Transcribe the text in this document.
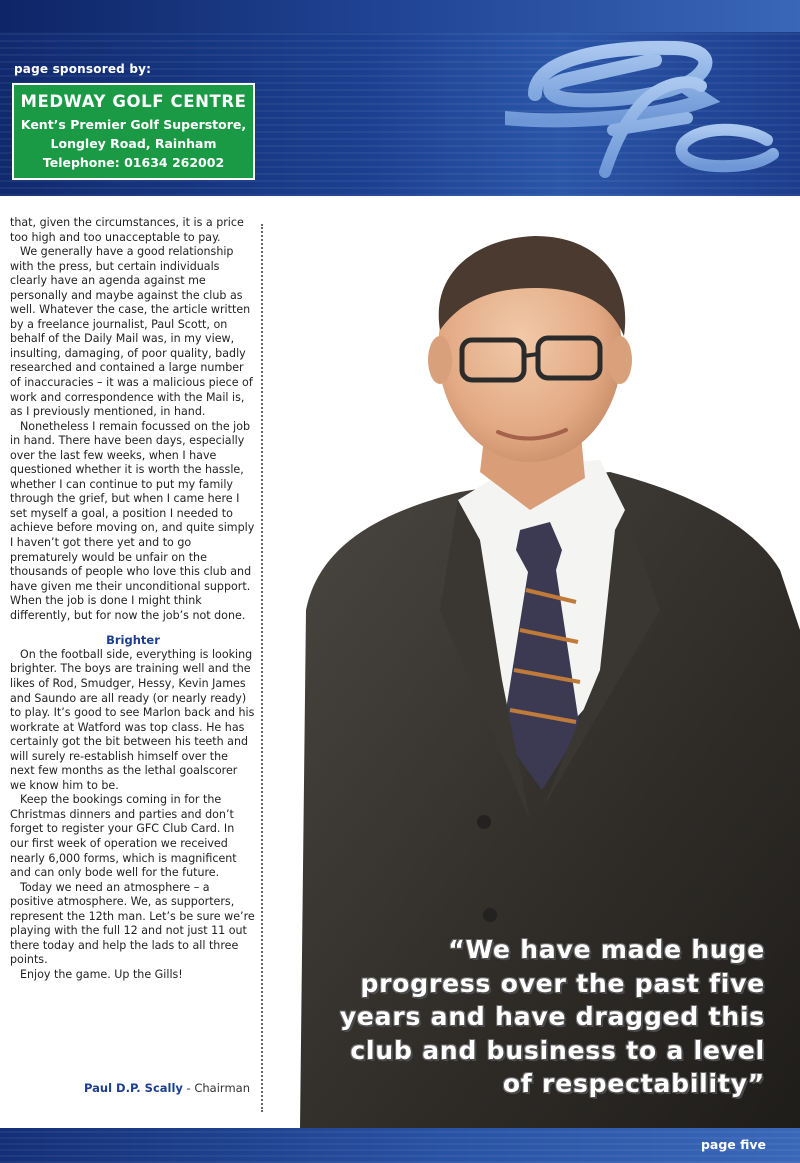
page sponsored by:
MEDWAY GOLF CENTRE
Kent’s Premier Golf Superstore,
Longley Road, Rainham
Telephone: 01634 262002

that, given the circumstances, it is a price too high and too unacceptable to pay.

We generally have a good relationship with the press, but certain individuals clearly have an agenda against me personally and maybe against the club as well. Whatever the case, the article written by a freelance journalist, Paul Scott, on behalf of the Daily Mail was, in my view, insulting, damaging, of poor quality, badly researched and contained a large number of inaccuracies – it was a malicious piece of work and correspondence with the Mail is, as I previously mentioned, in hand.

Nonetheless I remain focussed on the job in hand. There have been days, especially over the last few weeks, when I have questioned whether it is worth the hassle, whether I can continue to put my family through the grief, but when I came here I set myself a goal, a position I needed to achieve before moving on, and quite simply I haven’t got there yet and to go prematurely would be unfair on the thousands of people who love this club and have given me their unconditional support. When the job is done I might think differently, but for now the job’s not done.

Brighter

On the football side, everything is looking brighter. The boys are training well and the likes of Rod, Smudger, Hessy, Kevin James and Saundo are all ready (or nearly ready) to play. It’s good to see Marlon back and his workrate at Watford was top class. He has certainly got the bit between his teeth and will surely re-establish himself over the next few months as the lethal goalscorer we know him to be.

Keep the bookings coming in for the Christmas dinners and parties and don’t forget to register your GFC Club Card. In our first week of operation we received nearly 6,000 forms, which is magnificent and can only bode well for the future.

Today we need an atmosphere – a positive atmosphere. We, as supporters, represent the 12th man. Let’s be sure we’re playing with the full 12 and not just 11 out there today and help the lads to all three points.

Enjoy the game. Up the Gills!

Paul D.P. Scally - Chairman
“We have made huge
progress over the past five
years and have dragged this
club and business to a level
of respectability”
page five
